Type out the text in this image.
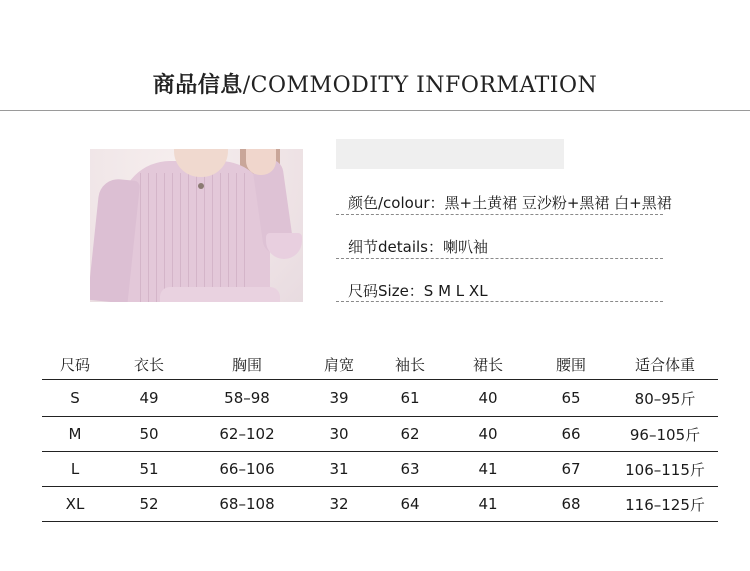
商品信息/COMMODITY INFORMATION
颜色/colour：黑+土黄裙 豆沙粉+黑裙 白+黑裙
细节details：喇叭袖
尺码Size：S M L XL
尺码	衣长	胸围	肩宽	袖长	裙长	腰围	适合体重
S	49	58–98	39	61	40	65	80–95斤
M	50	62–102	30	62	40	66	96–105斤
L	51	66–106	31	63	41	67	106–115斤
XL	52	68–108	32	64	41	68	116–125斤
